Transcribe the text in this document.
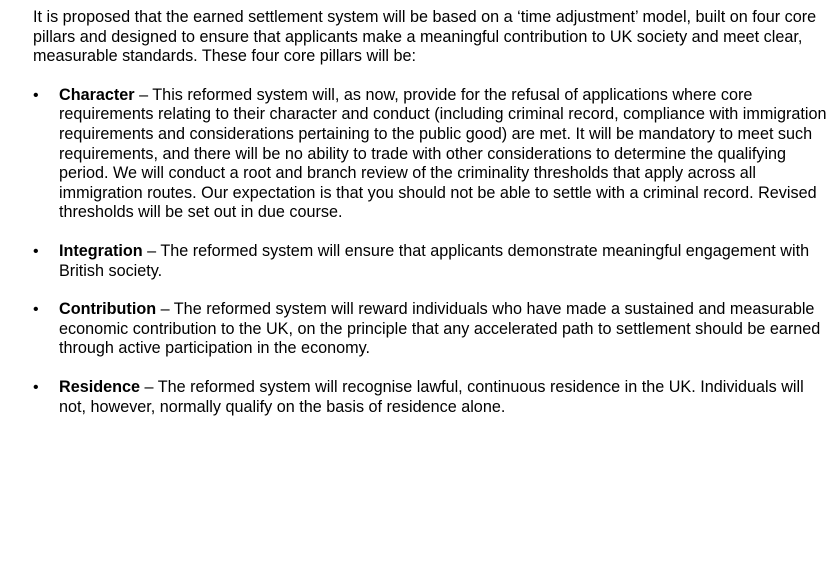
It is proposed that the earned settlement system will be based on a ‘time adjustment’ model, built on four core pillars and designed to ensure that applicants make a meaningful contribution to UK society and meet clear, measurable standards. These four core pillars will be:

•	Character – This reformed system will, as now, provide for the refusal of applications where core requirements relating to their character and conduct (including criminal record, compliance with immigration requirements and considerations pertaining to the public good) are met. It will be mandatory to meet such requirements, and there will be no ability to trade with other considerations to determine the qualifying period. We will conduct a root and branch review of the criminality thresholds that apply across all immigration routes. Our expectation is that you should not be able to settle with a criminal record. Revised thresholds will be set out in due course.
•	Integration – The reformed system will ensure that applicants demonstrate meaningful engagement with British society.
•	Contribution – The reformed system will reward individuals who have made a sustained and measurable economic contribution to the UK, on the principle that any accelerated path to settlement should be earned through active participation in the economy.
•	Residence – The reformed system will recognise lawful, continuous residence in the UK. Individuals will not, however, normally qualify on the basis of residence alone.
